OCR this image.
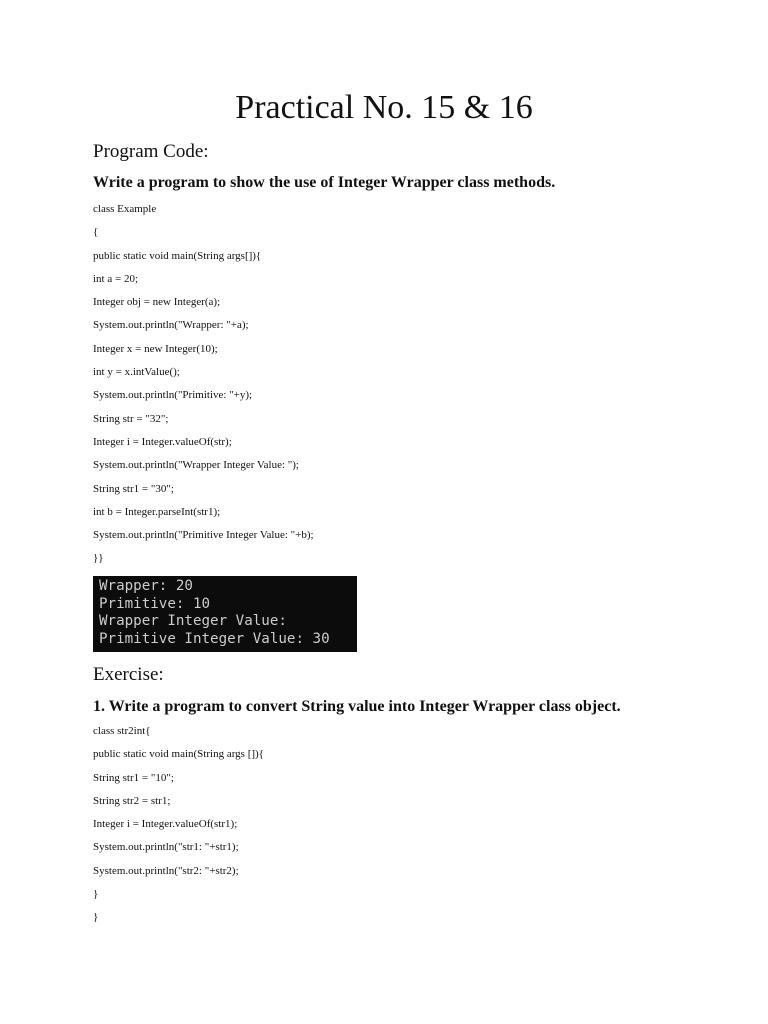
Practical No. 15 & 16
Program Code:
Write a program to show the use of Integer Wrapper class methods.
class Example
{
public static void main(String args[]){
int a = 20;
Integer obj = new Integer(a);
System.out.println("Wrapper: "+a);
Integer x = new Integer(10);
int y = x.intValue();
System.out.println("Primitive: "+y);
String str = "32";
Integer i = Integer.valueOf(str);
System.out.println("Wrapper Integer Value: ");
String str1 = "30";
int b = Integer.parseInt(str1);
System.out.println("Primitive Integer Value: "+b);
}}
Wrapper: 20
Primitive: 10
Wrapper Integer Value:
Primitive Integer Value: 30
Exercise:
1. Write a program to convert String value into Integer Wrapper class object.
class str2int{
public static void main(String args []){
String str1 = "10";
String str2 = str1;
Integer i = Integer.valueOf(str1);
System.out.println("str1: "+str1);
System.out.println("str2: "+str2);
}
}
